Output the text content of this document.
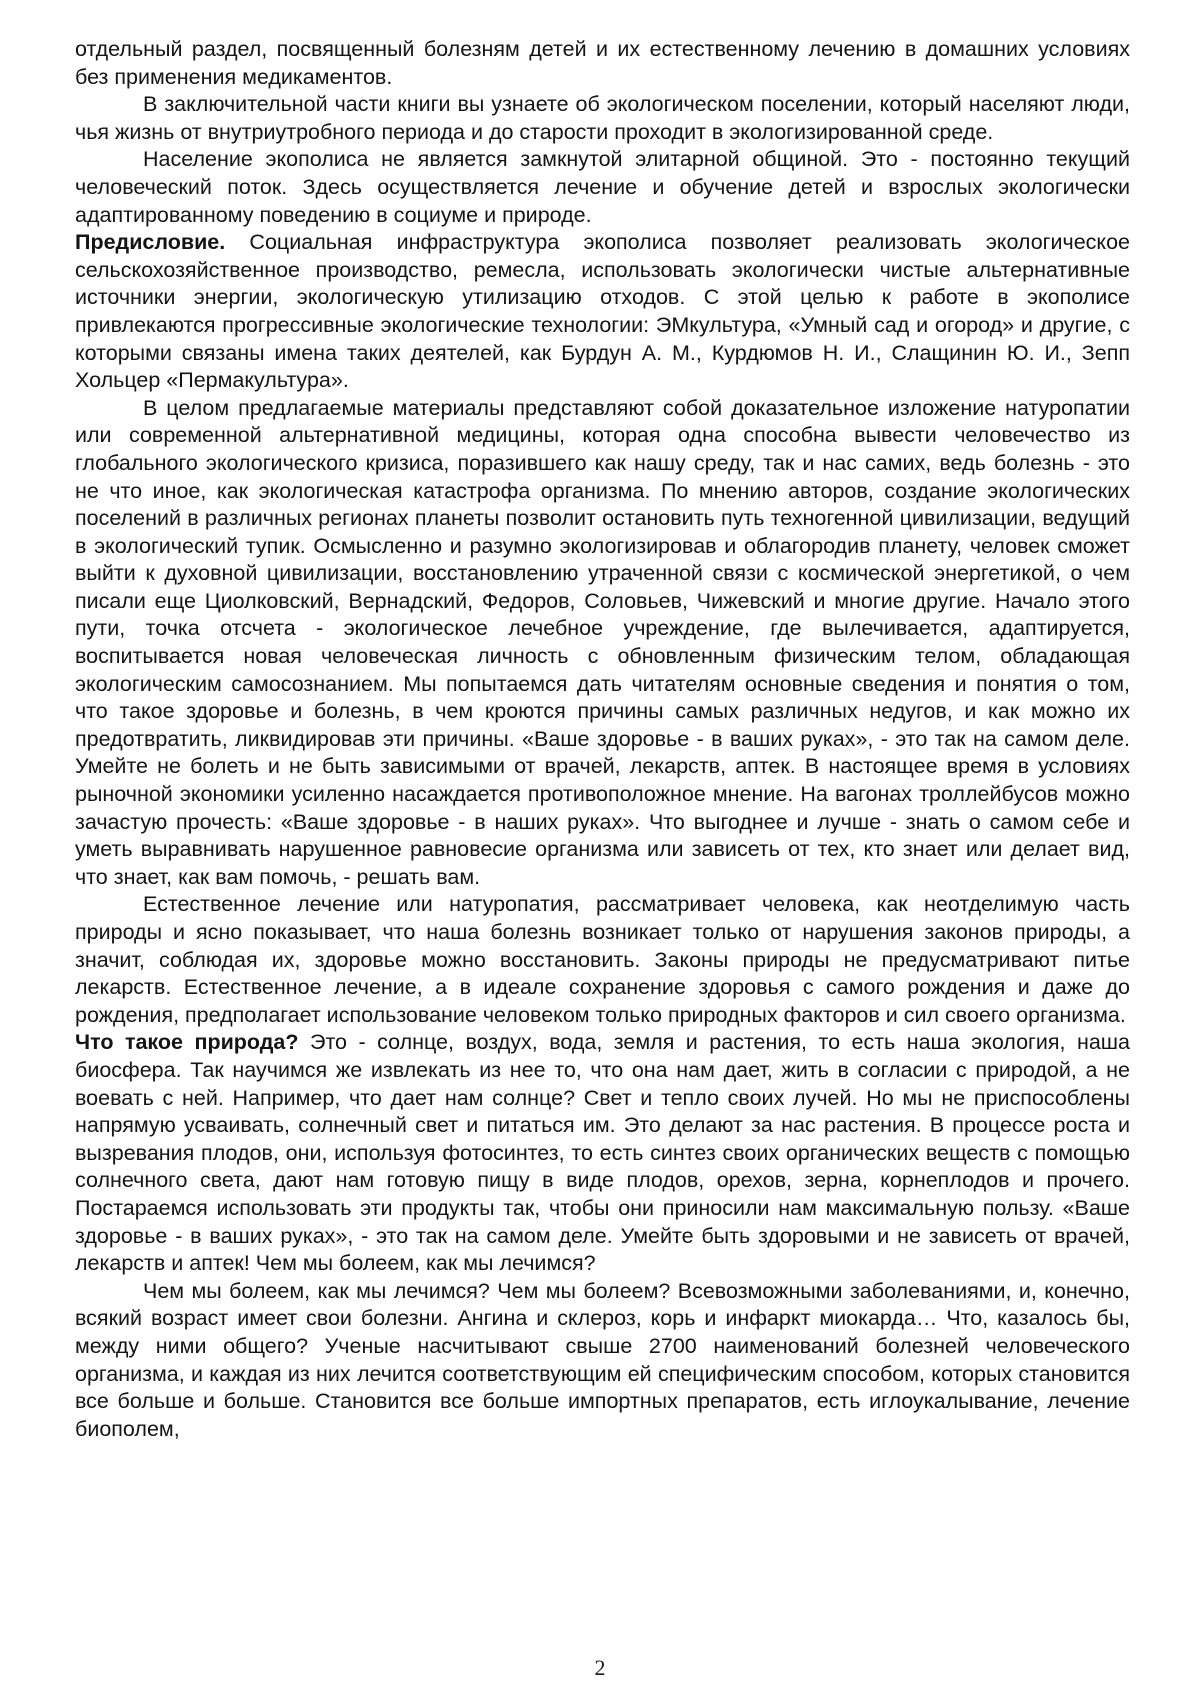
отдельный раздел, посвященный болезням детей и их естественному лечению в домашних условиях без применения медикаментов.

В заключительной части книги вы узнаете об экологическом поселении, который населяют люди, чья жизнь от внутриутробного периода и до старости проходит в экологизированной среде.

Население экополиса не является замкнутой элитарной общиной. Это - постоянно текущий человеческий поток. Здесь осуществляется лечение и обучение детей и взрослых экологически адаптированному поведению в социуме и природе.

Предисловие. Социальная инфраструктура экополиса позволяет реализовать экологическое сельскохозяйственное производство, ремесла, использовать экологически чистые альтернативные источники энергии, экологическую утилизацию отходов. С этой целью к работе в экополисе привлекаются прогрессивные экологические технологии: ЭМкультура, «Умный сад и огород» и другие, с которыми связаны имена таких деятелей, как Бурдун А. М., Курдюмов Н. И., Слащинин Ю. И., Зепп Хольцер «Пермакультура».

В целом предлагаемые материалы представляют собой доказательное изложение натуропатии или современной альтернативной медицины, которая одна способна вывести человечество из глобального экологического кризиса, поразившего как нашу среду, так и нас самих, ведь болезнь - это не что иное, как экологическая катастрофа организма. По мнению авторов, создание экологических поселений в различных регионах планеты позволит остановить путь техногенной цивилизации, ведущий в экологический тупик. Осмысленно и разумно экологизировав и облагородив планету, человек сможет выйти к духовной цивилизации, восстановлению утраченной связи с космической энергетикой, о чем писали еще Циолковский, Вернадский, Федоров, Соловьев, Чижевский и многие другие. Начало этого пути, точка отсчета - экологическое лечебное учреждение, где вылечивается, адаптируется, воспитывается новая человеческая личность с обновленным физическим телом, обладающая экологическим самосознанием. Мы попытаемся дать читателям основные сведения и понятия о том, что такое здоровье и болезнь, в чем кроются причины самых различных недугов, и как можно их предотвратить, ликвидировав эти причины. «Ваше здоровье - в ваших руках», - это так на самом деле. Умейте не болеть и не быть зависимыми от врачей, лекарств, аптек. В настоящее время в условиях рыночной экономики усиленно насаждается противоположное мнение. На вагонах троллейбусов можно зачастую прочесть: «Ваше здоровье - в наших руках». Что выгоднее и лучше - знать о самом себе и уметь выравнивать нарушенное равновесие организма или зависеть от тех, кто знает или делает вид, что знает, как вам помочь, - решать вам.

Естественное лечение или натуропатия, рассматривает человека, как неотделимую часть природы и ясно показывает, что наша болезнь возникает только от нарушения законов природы, а значит, соблюдая их, здоровье можно восстановить. Законы природы не предусматривают питье лекарств. Естественное лечение, а в идеале сохранение здоровья с самого рождения и даже до рождения, предполагает использование человеком только природных факторов и сил своего организма.

Что такое природа? Это - солнце, воздух, вода, земля и растения, то есть наша экология, наша биосфера. Так научимся же извлекать из нее то, что она нам дает, жить в согласии с природой, а не воевать с ней. Например, что дает нам солнце? Свет и тепло своих лучей. Но мы не приспособлены напрямую усваивать, солнечный свет и питаться им. Это делают за нас растения. В процессе роста и вызревания плодов, они, используя фотосинтез, то есть синтез своих органических веществ с помощью солнечного света, дают нам готовую пищу в виде плодов, орехов, зерна, корнеплодов и прочего. Постараемся использовать эти продукты так, чтобы они приносили нам максимальную пользу. «Ваше здоровье - в ваших руках», - это так на самом деле. Умейте быть здоровыми и не зависеть от врачей, лекарств и аптек! Чем мы болеем, как мы лечимся?

Чем мы болеем, как мы лечимся? Чем мы болеем? Всевозможными заболеваниями, и, конечно, всякий возраст имеет свои болезни. Ангина и склероз, корь и инфаркт миокарда… Что, казалось бы, между ними общего? Ученые насчитывают свыше 2700 наименований болезней человеческого организма, и каждая из них лечится соответствующим ей специфическим способом, которых становится все больше и больше. Становится все больше импортных препаратов, есть иглоукалывание, лечение биополем,

2
